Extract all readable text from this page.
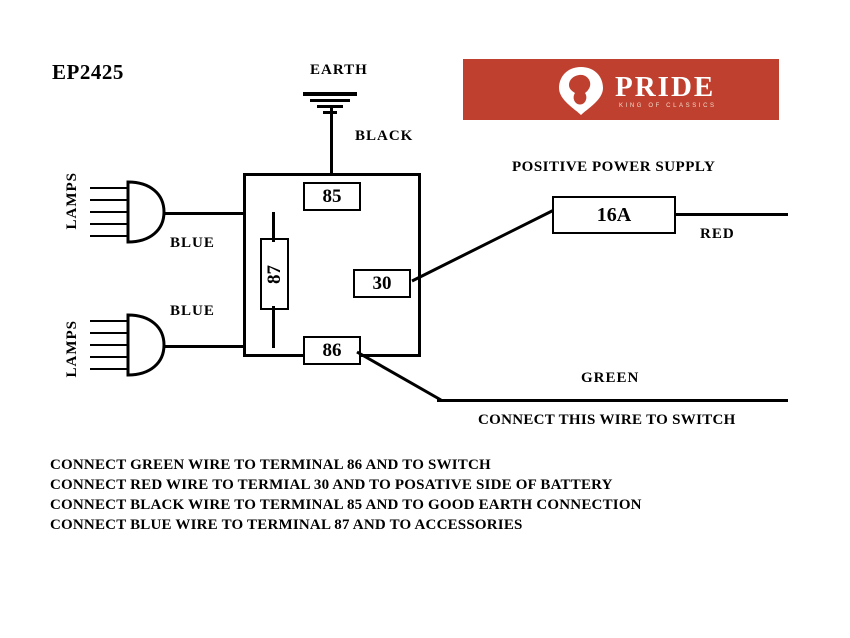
EP2425	PRIDE
KING OF CLASSICS
EARTH
BLACK
85
30
86
87
LAMPS
LAMPS
BLUE
BLUE
16A
POSITIVE POWER SUPPLY
RED
GREEN
CONNECT THIS WIRE TO SWITCH
CONNECT GREEN WIRE TO TERMINAL 86 AND TO SWITCH
CONNECT RED WIRE TO TERMIAL 30 AND TO POSATIVE SIDE OF BATTERY
CONNECT BLACK WIRE TO TERMINAL 85 AND TO GOOD EARTH CONNECTION
CONNECT BLUE WIRE TO TERMINAL 87 AND TO ACCESSORIES
